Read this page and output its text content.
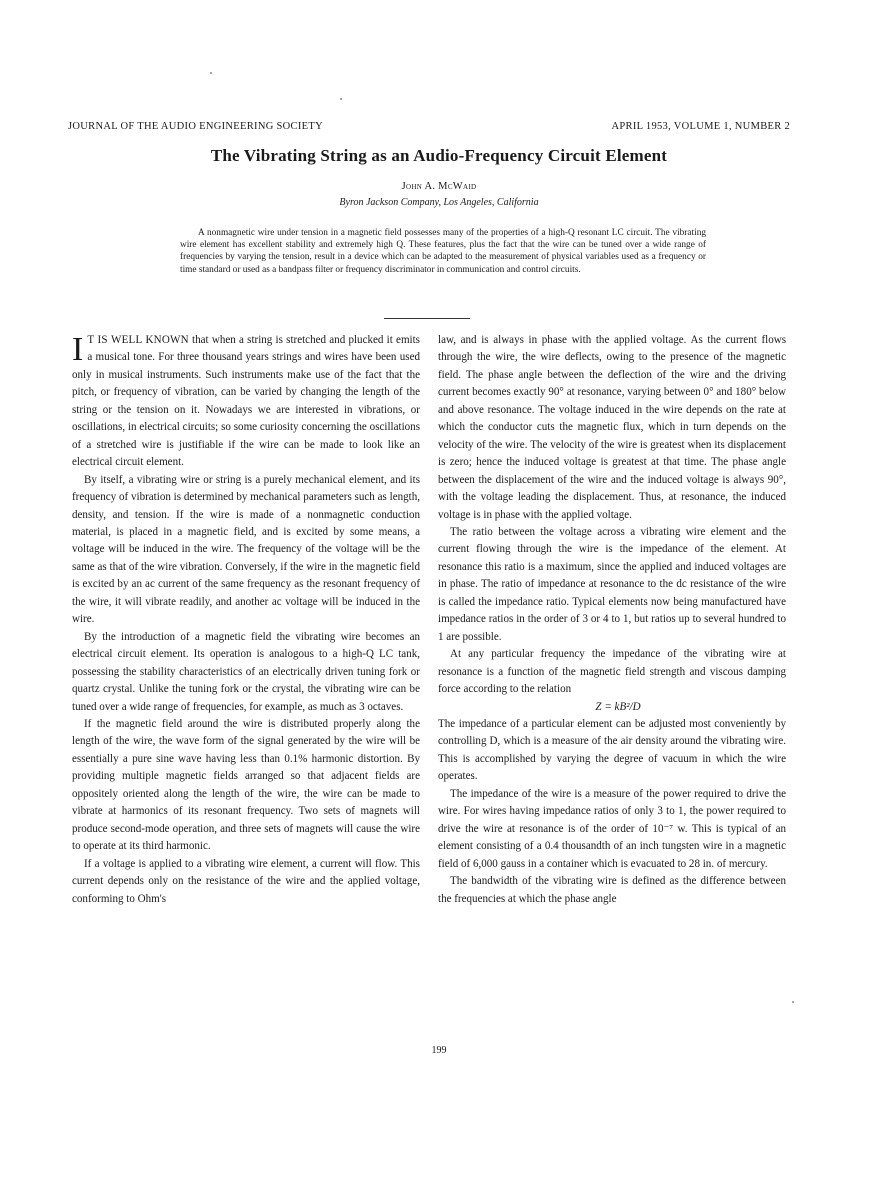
JOURNAL OF THE AUDIO ENGINEERING SOCIETY	APRIL 1953, VOLUME 1, NUMBER 2
The Vibrating String as an Audio-Frequency Circuit Element
John A. McWaid
Byron Jackson Company, Los Angeles, California

A nonmagnetic wire under tension in a magnetic field possesses many of the properties of a high-Q resonant LC circuit. The vibrating wire element has excellent stability and extremely high Q. These features, plus the fact that the wire can be tuned over a wide range of frequencies by varying the tension, result in a device which can be adapted to the measurement of physical variables used as a frequency or time standard or used as a bandpass filter or frequency discriminator in communication and control circuits.

I T IS WELL KNOWN that when a string is stretched and plucked it emits a musical tone. For three thousand years strings and wires have been used only in musical instruments. Such instruments make use of the fact that the pitch, or frequency of vibration, can be varied by changing the length of the string or the tension on it. Nowadays we are interested in vibrations, or oscillations, in electrical circuits; so some curiosity concerning the oscillations of a stretched wire is justifiable if the wire can be made to look like an electrical circuit element.

By itself, a vibrating wire or string is a purely mechanical element, and its frequency of vibration is determined by mechanical parameters such as length, density, and tension. If the wire is made of a nonmagnetic conduction material, is placed in a magnetic field, and is excited by some means, a voltage will be induced in the wire. The frequency of the voltage will be the same as that of the wire vibration. Conversely, if the wire in the magnetic field is excited by an ac current of the same frequency as the resonant frequency of the wire, it will vibrate readily, and another ac voltage will be induced in the wire.

By the introduction of a magnetic field the vibrating wire becomes an electrical circuit element. Its operation is analogous to a high-Q LC tank, possessing the stability characteristics of an electrically driven tuning fork or quartz crystal. Unlike the tuning fork or the crystal, the vibrating wire can be tuned over a wide range of frequencies, for example, as much as 3 octaves.

If the magnetic field around the wire is distributed properly along the length of the wire, the wave form of the signal generated by the wire will be essentially a pure sine wave having less than 0.1% harmonic distortion. By providing multiple magnetic fields arranged so that adjacent fields are oppositely oriented along the length of the wire, the wire can be made to vibrate at harmonics of its resonant frequency. Two sets of magnets will produce second-mode operation, and three sets of magnets will cause the wire to operate at its third harmonic.

If a voltage is applied to a vibrating wire element, a current will flow. This current depends only on the resistance of the wire and the applied voltage, conforming to Ohm's

law, and is always in phase with the applied voltage. As the current flows through the wire, the wire deflects, owing to the presence of the magnetic field. The phase angle between the deflection of the wire and the driving current becomes exactly 90° at resonance, varying between 0° and 180° below and above resonance. The voltage induced in the wire depends on the rate at which the conductor cuts the magnetic flux, which in turn depends on the velocity of the wire. The velocity of the wire is greatest when its displacement is zero; hence the induced voltage is greatest at that time. The phase angle between the displacement of the wire and the induced voltage is always 90°, with the voltage leading the displacement. Thus, at resonance, the induced voltage is in phase with the applied voltage.

The ratio between the voltage across a vibrating wire element and the current flowing through the wire is the impedance of the element. At resonance this ratio is a maximum, since the applied and induced voltages are in phase. The ratio of impedance at resonance to the dc resistance of the wire is called the impedance ratio. Typical elements now being manufactured have impedance ratios in the order of 3 or 4 to 1, but ratios up to several hundred to 1 are possible.

At any particular frequency the impedance of the vibrating wire at resonance is a function of the magnetic field strength and viscous damping force according to the relation

Z = kB²/D

The impedance of a particular element can be adjusted most conveniently by controlling D, which is a measure of the air density around the vibrating wire. This is accomplished by varying the degree of vacuum in which the wire operates.

The impedance of the wire is a measure of the power required to drive the wire. For wires having impedance ratios of only 3 to 1, the power required to drive the wire at resonance is of the order of 10⁻⁷ w. This is typical of an element consisting of a 0.4 thousandth of an inch tungsten wire in a magnetic field of 6,000 gauss in a container which is evacuated to 28 in. of mercury.

The bandwidth of the vibrating wire is defined as the difference between the frequencies at which the phase angle

199
